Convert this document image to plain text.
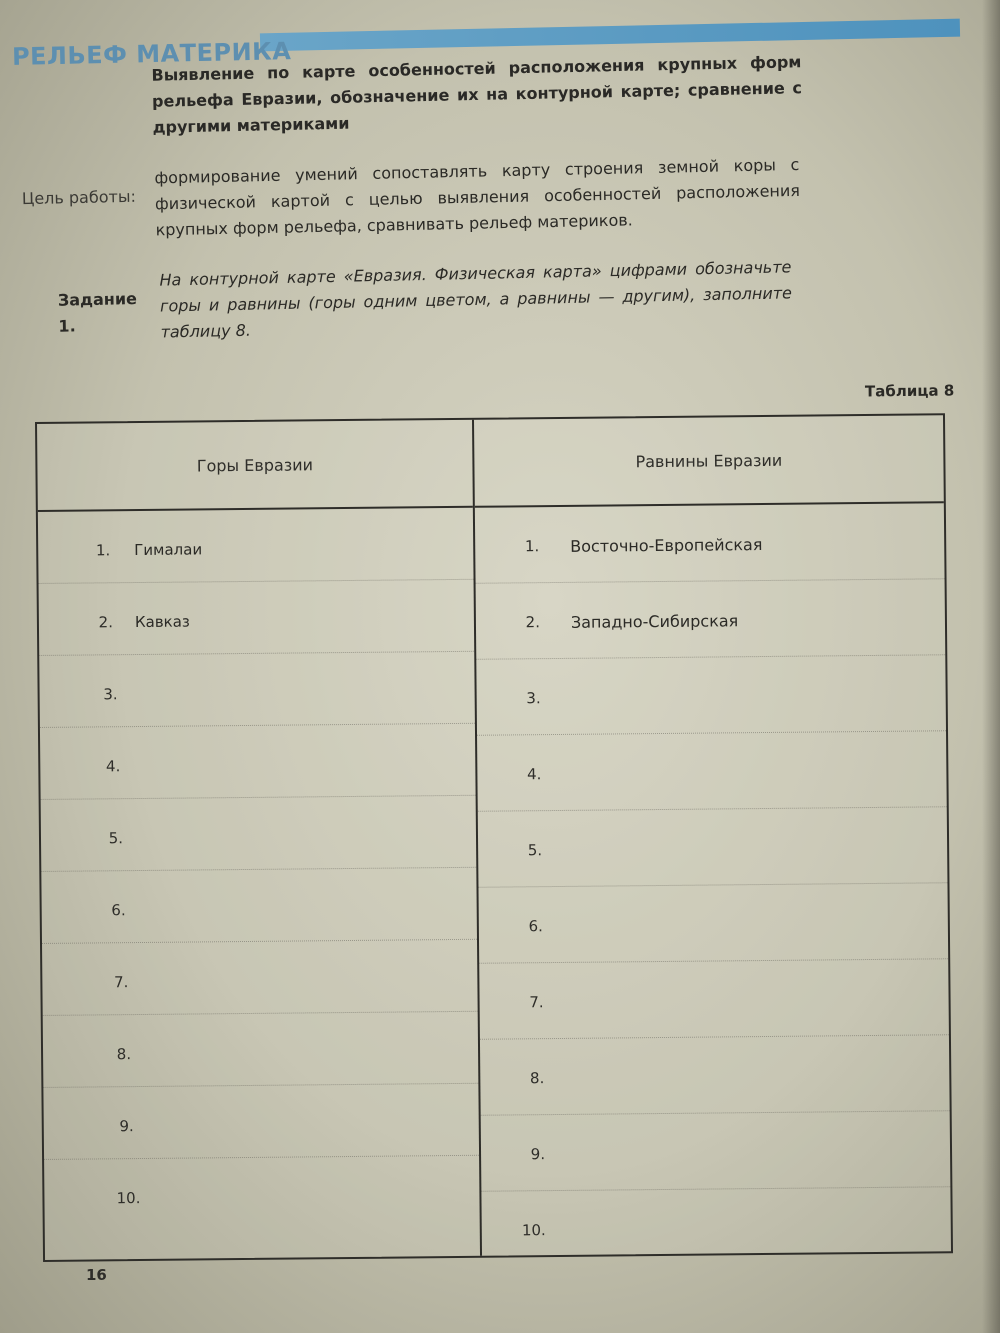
РЕЛЬЕФ МАТЕРИКА
Выявление по карте особенностей расположения крупных форм рельефа Евразии, обозначение их на контурной карте; сравнение с другими материками
Цель работы:
формирование умений сопоставлять карту строения земной коры с физической картой с целью выявления особенностей расположения крупных форм рельефа, сравнивать рельеф материков.
Задание 1.
На контурной карте «Евразия. Физическая карта» цифрами обозначьте горы и равнины (горы одним цветом, а равнины — другим), заполните таблицу 8.
Таблица 8
Горы Евразии
1. Гималаи
2. Кавказ
3.
4.
5.
6.
7.
8.
9.
10.
Равнины Евразии
1. Восточно-Европейская
2. Западно-Сибирская
3.
4.
5.
6.
7.
8.
9.
10.
16
